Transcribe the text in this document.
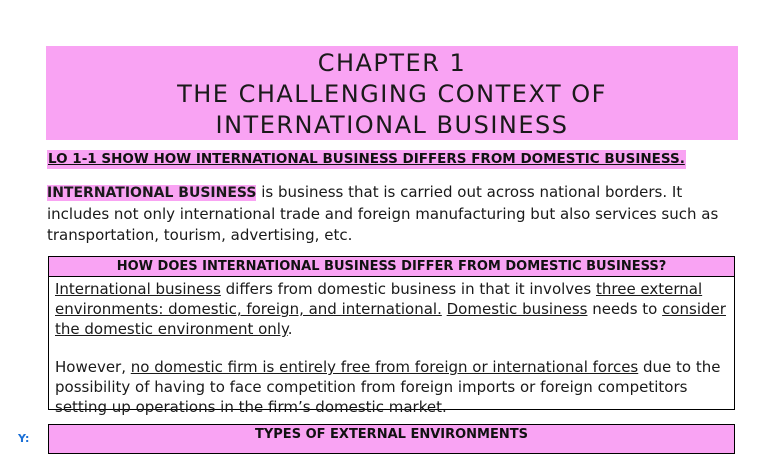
CHAPTER 1
THE CHALLENGING CONTEXT OF
INTERNATIONAL BUSINESS
LO 1-1 SHOW HOW INTERNATIONAL BUSINESS DIFFERS FROM DOMESTIC BUSINESS.
INTERNATIONAL BUSINESS is business that is carried out across national borders. It includes not only international trade and foreign manufacturing but also services such as transportation, tourism, advertising, etc.
HOW DOES INTERNATIONAL BUSINESS DIFFER FROM DOMESTIC BUSINESS?
International business differs from domestic business in that it involves three external environments: domestic, foreign, and international. Domestic business needs to consider the domestic environment only.
However, no domestic firm is entirely free from foreign or international forces due to the possibility of having to face competition from foreign imports or foreign competitors setting up operations in the firm’s domestic market.
TYPES OF EXTERNAL ENVIRONMENTS
Y:
